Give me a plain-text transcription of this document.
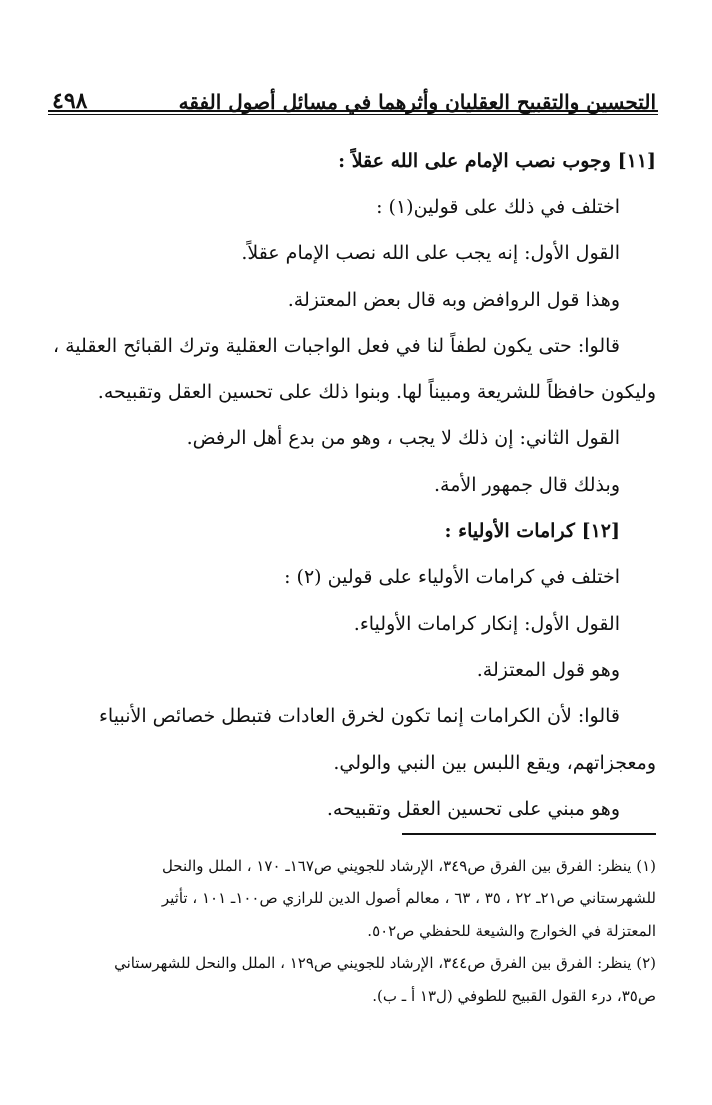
التحسين والتقبيح العقليان وأثرهما في مسائل أصول الفقه
٤٩٨
[١١] وجوب نصب الإمام على الله عقلاً :
اختلف في ذلك على قولين(١) :
القول الأول: إنه يجب على الله نصب الإمام عقلاً.
وهذا قول الروافض وبه قال بعض المعتزلة.
قالوا: حتى يكون لطفاً لنا في فعل الواجبات العقلية وترك القبائح العقلية ،
وليكون حافظاً للشريعة ومبيناً لها. وبنوا ذلك على تحسين العقل وتقبيحه.
القول الثاني: إن ذلك لا يجب ، وهو من بدع أهل الرفض.
وبذلك قال جمهور الأمة.
[١٢] كرامات الأولياء :
اختلف في كرامات الأولياء على قولين (٢) :
القول الأول: إنكار كرامات الأولياء.
وهو قول المعتزلة.
قالوا: لأن الكرامات إنما تكون لخرق العادات فتبطل خصائص الأنبياء
ومعجزاتهم، ويقع اللبس بين النبي والولي.
وهو مبني على تحسين العقل وتقبيحه.
(١) ينظر: الفرق بين الفرق ص٣٤٩، الإرشاد للجويني ص١٦٧ـ ١٧٠ ، الملل والنحل
للشهرستاني ص٢١ـ ٢٢ ، ٣٥ ، ٦٣ ، معالم أصول الدين للرازي ص١٠٠ـ ١٠١ ، تأثير
المعتزلة في الخوارج والشيعة للحفظي ص٥٠٢.
(٢) ينظر: الفرق بين الفرق ص٣٤٤، الإرشاد للجويني ص١٢٩ ، الملل والنحل للشهرستاني
ص٣٥، درء القول القبيح للطوفي (ل١٣ أ ـ ب).
